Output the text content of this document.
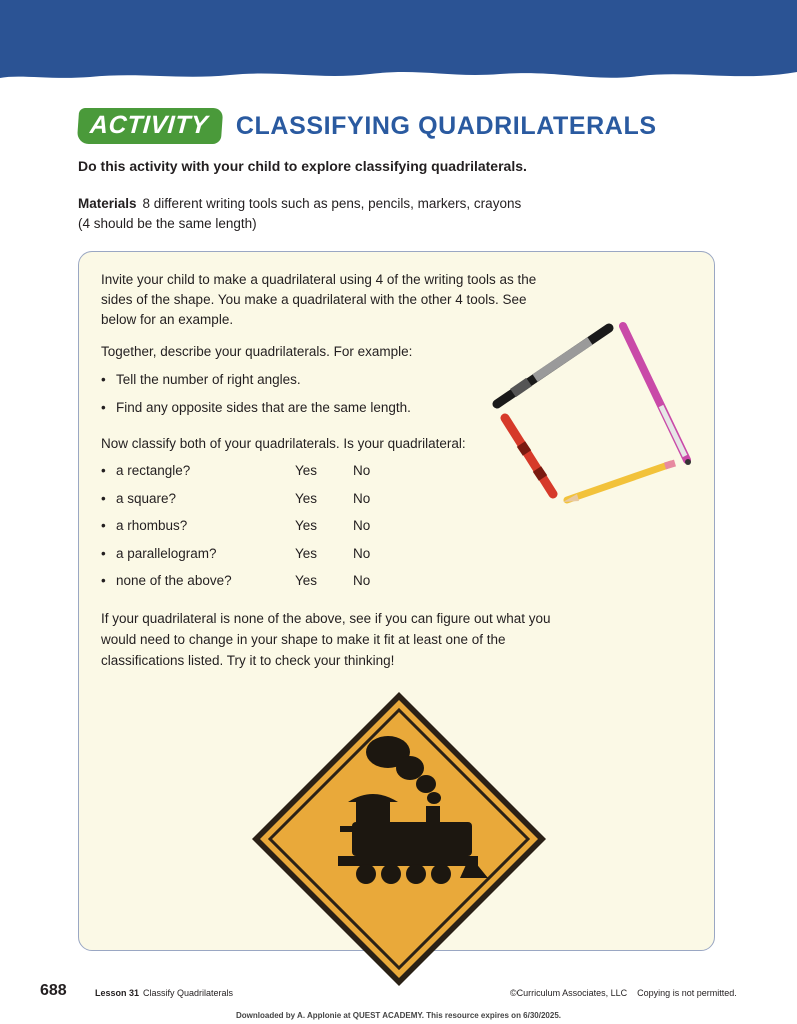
ACTIVITY	CLASSIFYING QUADRILATERALS
Do this activity with your child to explore classifying quadrilaterals.
Materials 8 different writing tools such as pens, pencils, markers, crayons
(4 should be the same length)
Invite your child to make a quadrilateral using 4 of the writing tools as the sides of the shape. You make a quadrilateral with the other 4 tools. See below for an example.
Together, describe your quadrilaterals. For example:
• Tell the number of right angles.
• Find any opposite sides that are the same length.
Now classify both of your quadrilaterals. Is your quadrilateral:
• a rectangle?	Yes	No
• a square?	Yes	No
• a rhombus?	Yes	No
• a parallelogram?	Yes	No
• none of the above?	Yes	No
If your quadrilateral is none of the above, see if you can figure out what you would need to change in your shape to make it fit at least one of the classifications listed. Try it to check your thinking!
688	Lesson 31 Classify Quadrilaterals	©Curriculum Associates, LLC Copying is not permitted.
Downloaded by A. Applonie at QUEST ACADEMY. This resource expires on 6/30/2025.
